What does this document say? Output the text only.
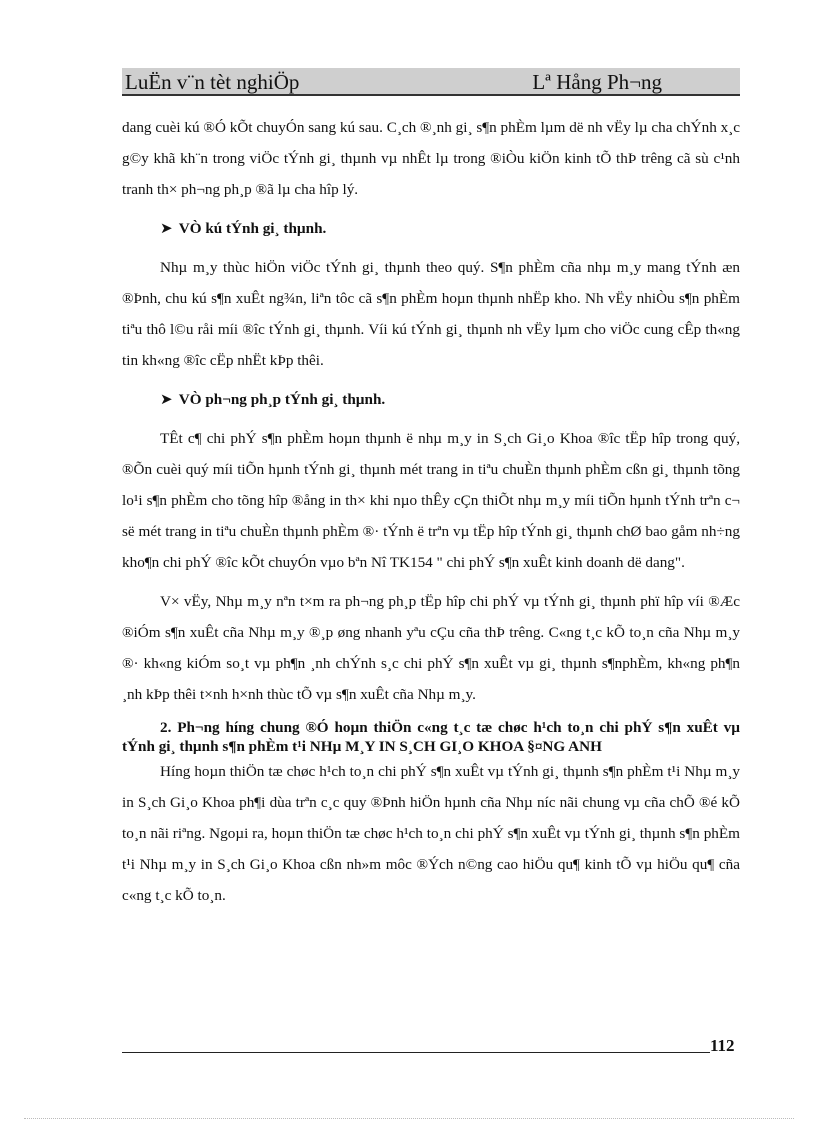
LuËn v¨n tèt nghiÖp	Lª Hång Ph¬ng

dang cuèi kú ®Ó kÕt chuyÓn sang kú sau. C¸ch ®¸nh gi¸ s¶n phÈm lµm dë nh vËy lµ cha chÝnh x¸c g©y khã kh¨n trong viÖc tÝnh gi¸ thµnh vµ nhÊt lµ trong ®iÒu kiÖn kinh tÕ thÞ trêng cã sù c¹nh tranh th× ph¬ng ph¸p ®ã lµ cha hîp lý.

➤ VÒ kú tÝnh gi¸ thµnh.

Nhµ m¸y thùc hiÖn viÖc tÝnh gi¸ thµnh theo quý. S¶n phÈm cña nhµ m¸y mang tÝnh æn ®Þnh, chu kú s¶n xuÊt ng¾n, liªn tôc cã s¶n phÈm hoµn thµnh nhËp kho. Nh vËy nhiÒu s¶n phÈm tiªu thô l©u råi míi ®îc tÝnh gi¸ thµnh. Víi kú tÝnh gi¸ thµnh nh vËy lµm cho viÖc cung cÊp th«ng tin kh«ng ®îc cËp nhËt kÞp thêi.

➤ VÒ ph¬ng ph¸p tÝnh gi¸ thµnh.

TÊt c¶ chi phÝ s¶n phÈm hoµn thµnh ë nhµ m¸y in S¸ch Gi¸o Khoa ®îc tËp hîp trong quý, ®Õn cuèi quý míi tiÕn hµnh tÝnh gi¸ thµnh mét trang in tiªu chuÈn thµnh phÈm cßn gi¸ thµnh tõng lo¹i s¶n phÈm cho tõng hîp ®ång in th× khi nµo thÊy cÇn thiÕt nhµ m¸y míi tiÕn hµnh tÝnh trªn c¬ së mét trang in tiªu chuÈn thµnh phÈm ®· tÝnh ë trªn vµ tËp hîp tÝnh gi¸ thµnh chØ bao gåm nh÷ng kho¶n chi phÝ ®îc kÕt chuyÓn vµo bªn Nî TK154 " chi phÝ s¶n xuÊt kinh doanh dë dang".

V× vËy, Nhµ m¸y nªn t×m ra ph¬ng ph¸p tËp hîp chi phÝ vµ tÝnh gi¸ thµnh phï hîp víi ®Æc ®iÓm s¶n xuÊt cña Nhµ m¸y ®¸p øng nhanh yªu cÇu cña thÞ trêng. C«ng t¸c kÕ to¸n cña Nhµ m¸y ®· kh«ng kiÓm so¸t vµ ph¶n ¸nh chÝnh s¸c chi phÝ s¶n xuÊt vµ gi¸ thµnh s¶nphÈm, kh«ng ph¶n ¸nh kÞp thêi t×nh h×nh thùc tÕ vµ s¶n xuÊt cña Nhµ m¸y.

2. Ph¬ng híng chung ®Ó hoµn thiÖn c«ng t¸c tæ chøc h¹ch to¸n chi phÝ s¶n xuÊt vµ tÝnh gi¸ thµnh s¶n phÈm t¹i NHµ M¸Y IN S¸CH GI¸O KHOA §¤NG ANH

Híng hoµn thiÖn tæ chøc h¹ch to¸n chi phÝ s¶n xuÊt vµ tÝnh gi¸ thµnh s¶n phÈm t¹i Nhµ m¸y in S¸ch Gi¸o Khoa ph¶i dùa trªn c¸c quy ®Þnh hiÖn hµnh cña Nhµ níc nãi chung vµ cña chÕ ®é kÕ to¸n nãi riªng. Ngoµi ra, hoµn thiÖn tæ chøc h¹ch to¸n chi phÝ s¶n xuÊt vµ tÝnh gi¸ thµnh s¶n phÈm t¹i Nhµ m¸y in S¸ch Gi¸o Khoa cßn nh»m môc ®Ých n©ng cao hiÖu qu¶ kinh tÕ vµ hiÖu qu¶ cña c«ng t¸c kÕ to¸n.

112
